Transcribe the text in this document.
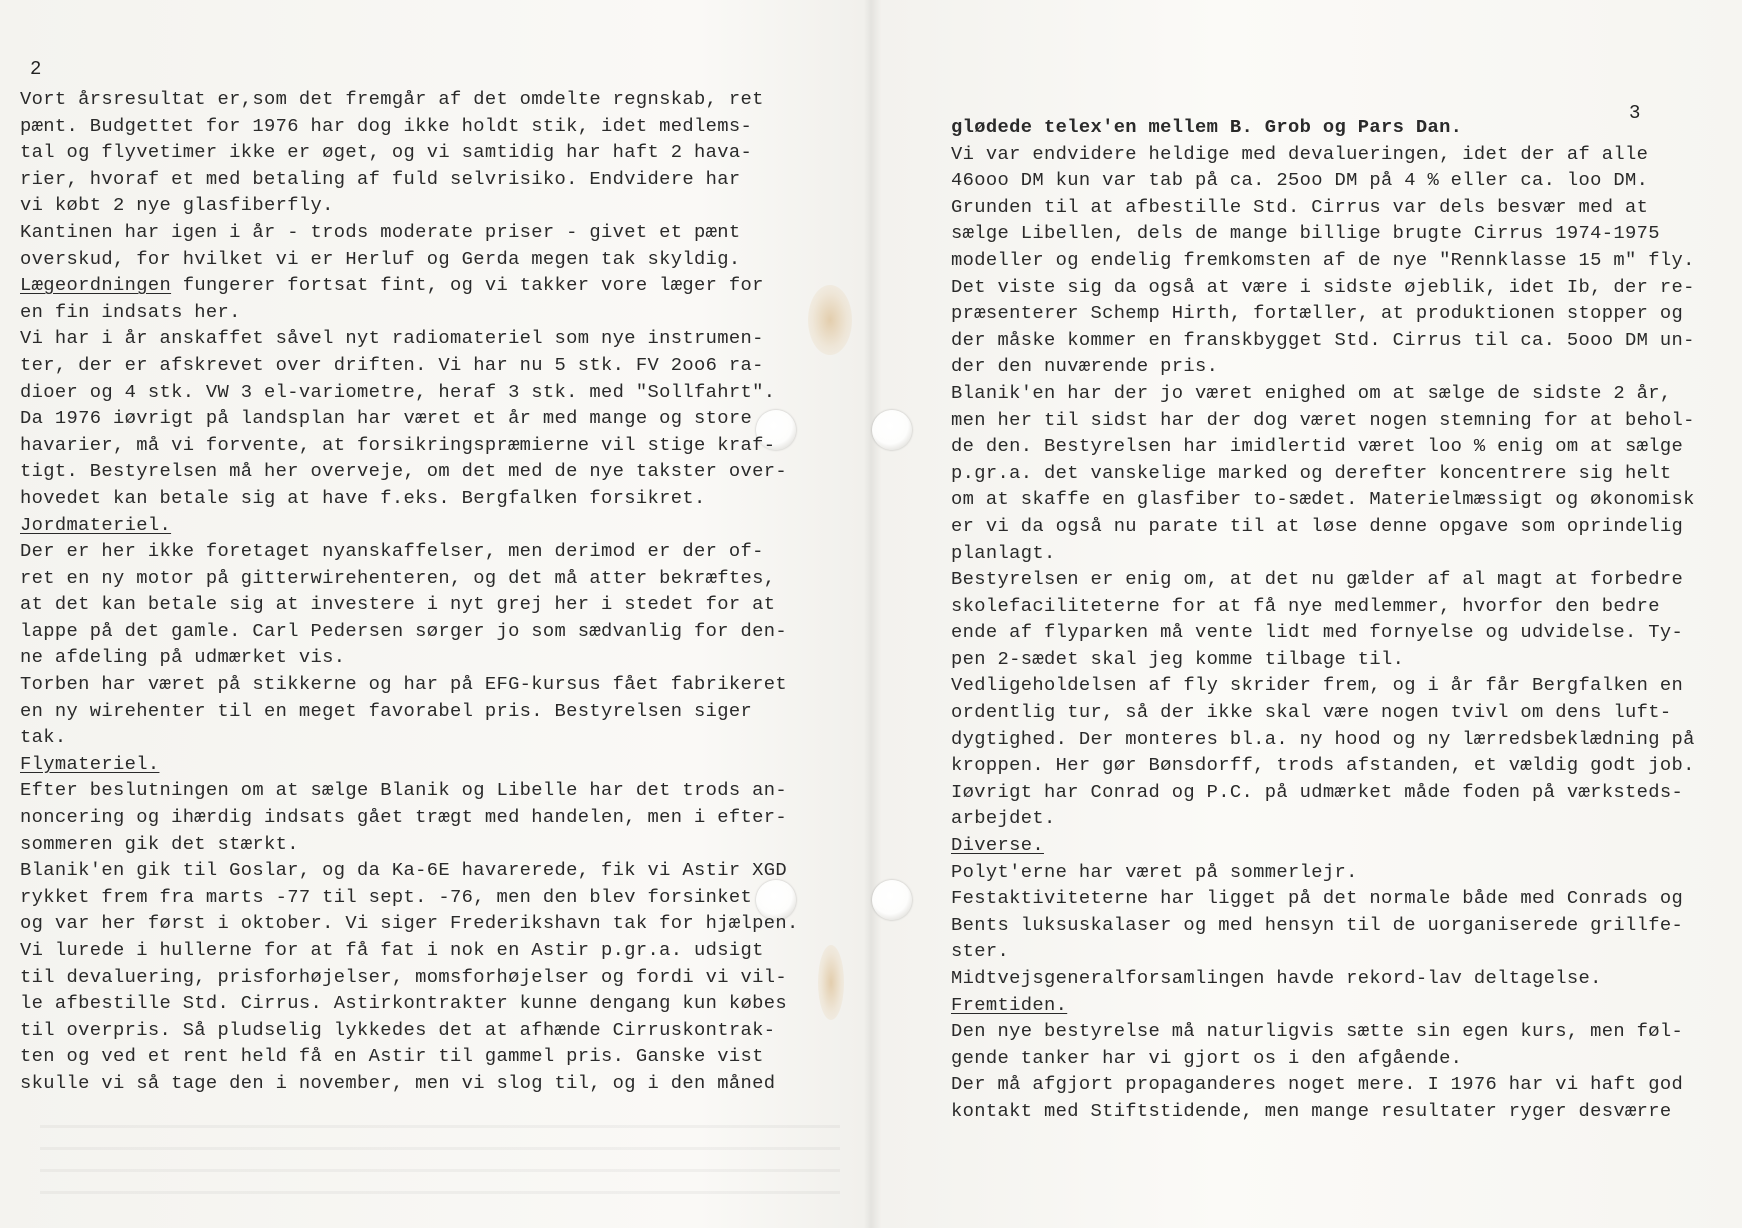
2
Vort årsresultat er,som det fremgår af det omdelte regnskab, ret
pænt. Budgettet for 1976 har dog ikke holdt stik, idet medlems-
tal og flyvetimer ikke er øget, og vi samtidig har haft 2 hava-
rier, hvoraf et med betaling af fuld selvrisiko. Endvidere har
vi købt 2 nye glasfiberfly.
Kantinen har igen i år - trods moderate priser - givet et pænt
overskud, for hvilket vi er Herluf og Gerda megen tak skyldig.
Lægeordningen fungerer fortsat fint, og vi takker vore læger for
en fin indsats her.
Vi har i år anskaffet såvel nyt radiomateriel som nye instrumen-
ter, der er afskrevet over driften. Vi har nu 5 stk. FV 2oo6 ra-
dioer og 4 stk. VW 3 el-variometre, heraf 3 stk. med "Sollfahrt".
Da 1976 iøvrigt på landsplan har været et år med mange og store
havarier, må vi forvente, at forsikringspræmierne vil stige kraf-
tigt. Bestyrelsen må her overveje, om det med de nye takster over-
hovedet kan betale sig at have f.eks. Bergfalken forsikret.
Jordmateriel.
Der er her ikke foretaget nyanskaffelser, men derimod er der of-
ret en ny motor på gitterwirehenteren, og det må atter bekræftes,
at det kan betale sig at investere i nyt grej her i stedet for at
lappe på det gamle. Carl Pedersen sørger jo som sædvanlig for den-
ne afdeling på udmærket vis.
Torben har været på stikkerne og har på EFG-kursus fået fabrikeret
en ny wirehenter til en meget favorabel pris. Bestyrelsen siger
tak.
Flymateriel.
Efter beslutningen om at sælge Blanik og Libelle har det trods an-
noncering og ihærdig indsats gået trægt med handelen, men i efter-
sommeren gik det stærkt.
Blanik'en gik til Goslar, og da Ka-6E havarerede, fik vi Astir XGD
rykket frem fra marts -77 til sept. -76, men den blev forsinket
og var her først i oktober. Vi siger Frederikshavn tak for hjælpen.
Vi lurede i hullerne for at få fat i nok en Astir p.gr.a. udsigt
til devaluering, prisforhøjelser, momsforhøjelser og fordi vi vil-
le afbestille Std. Cirrus. Astirkontrakter kunne dengang kun købes
til overpris. Så pludselig lykkedes det at afhænde Cirruskontrak-
ten og ved et rent held få en Astir til gammel pris. Ganske vist
skulle vi så tage den i november, men vi slog til, og i den måned
3
glødede telex'en mellem B. Grob og Pars Dan.
Vi var endvidere heldige med devalueringen, idet der af alle
46ooo DM kun var tab på ca. 25oo DM på 4 % eller ca. loo DM.
Grunden til at afbestille Std. Cirrus var dels besvær med at
sælge Libellen, dels de mange billige brugte Cirrus 1974-1975
modeller og endelig fremkomsten af de nye "Rennklasse 15 m" fly.
Det viste sig da også at være i sidste øjeblik, idet Ib, der re-
præsenterer Schemp Hirth, fortæller, at produktionen stopper og
der måske kommer en franskbygget Std. Cirrus til ca. 5ooo DM un-
der den nuværende pris.
Blanik'en har der jo været enighed om at sælge de sidste 2 år,
men her til sidst har der dog været nogen stemning for at behol-
de den. Bestyrelsen har imidlertid været loo % enig om at sælge
p.gr.a. det vanskelige marked og derefter koncentrere sig helt
om at skaffe en glasfiber to-sædet. Materielmæssigt og økonomisk
er vi da også nu parate til at løse denne opgave som oprindelig
planlagt.
Bestyrelsen er enig om, at det nu gælder af al magt at forbedre
skolefaciliteterne for at få nye medlemmer, hvorfor den bedre
ende af flyparken må vente lidt med fornyelse og udvidelse. Ty-
pen 2-sædet skal jeg komme tilbage til.
Vedligeholdelsen af fly skrider frem, og i år får Bergfalken en
ordentlig tur, så der ikke skal være nogen tvivl om dens luft-
dygtighed. Der monteres bl.a. ny hood og ny lærredsbeklædning på
kroppen. Her gør Bønsdorff, trods afstanden, et vældig godt job.
Iøvrigt har Conrad og P.C. på udmærket måde foden på værksteds-
arbejdet.
Diverse.
Polyt'erne har været på sommerlejr.
Festaktiviteterne har ligget på det normale både med Conrads og
Bents luksuskalaser og med hensyn til de uorganiserede grillfe-
ster.
Midtvejsgeneralforsamlingen havde rekord-lav deltagelse.
Fremtiden.
Den nye bestyrelse må naturligvis sætte sin egen kurs, men føl-
gende tanker har vi gjort os i den afgående.
Der må afgjort propaganderes noget mere. I 1976 har vi haft god
kontakt med Stiftstidende, men mange resultater ryger desværre
